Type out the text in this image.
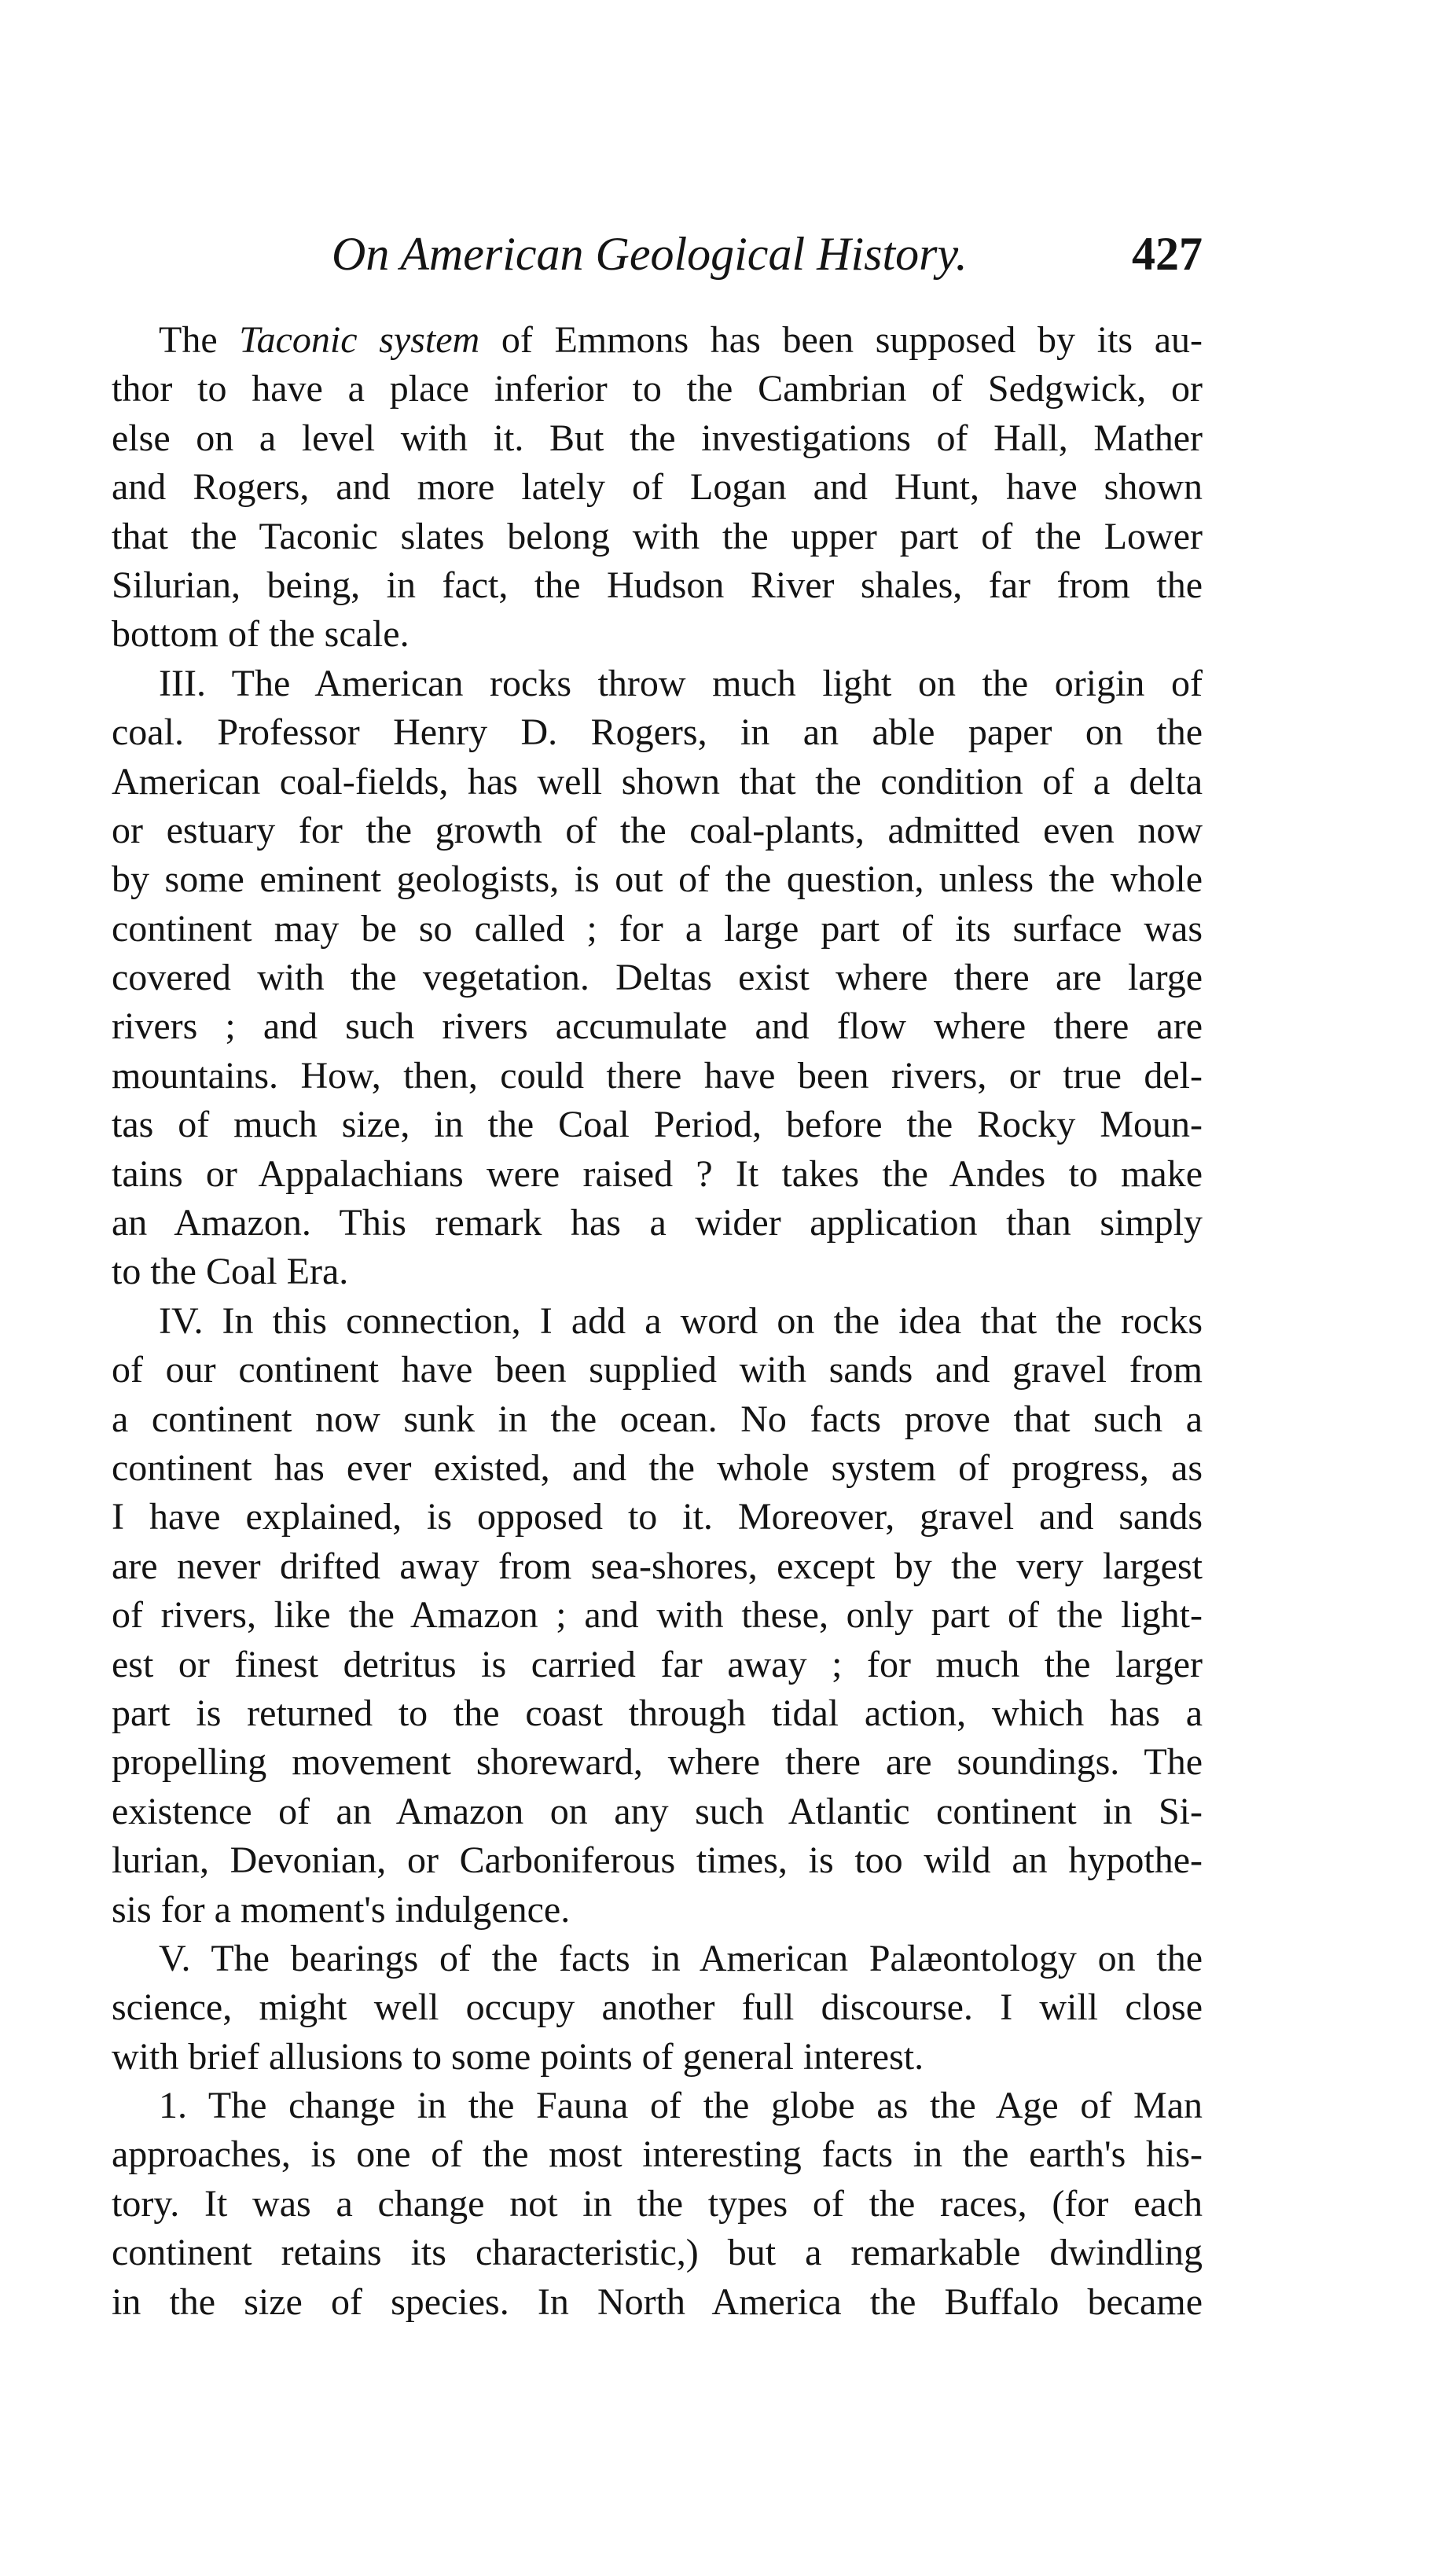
On American Geological History.	427
The Taconic system of Emmons has been supposed by its au-
thor to have a place inferior to the Cambrian of Sedgwick, or
else on a level with it. But the investigations of Hall, Mather
and Rogers, and more lately of Logan and Hunt, have shown
that the Taconic slates belong with the upper part of the Lower
Silurian, being, in fact, the Hudson River shales, far from the
bottom of the scale.
III. The American rocks throw much light on the origin of
coal. Professor Henry D. Rogers, in an able paper on the
American coal-fields, has well shown that the condition of a delta
or estuary for the growth of the coal-plants, admitted even now
by some eminent geologists, is out of the question, unless the whole
continent may be so called ; for a large part of its surface was
covered with the vegetation. Deltas exist where there are large
rivers ; and such rivers accumulate and flow where there are
mountains. How, then, could there have been rivers, or true del-
tas of much size, in the Coal Period, before the Rocky Moun-
tains or Appalachians were raised ? It takes the Andes to make
an Amazon. This remark has a wider application than simply
to the Coal Era.
IV. In this connection, I add a word on the idea that the rocks
of our continent have been supplied with sands and gravel from
a continent now sunk in the ocean. No facts prove that such a
continent has ever existed, and the whole system of progress, as
I have explained, is opposed to it. Moreover, gravel and sands
are never drifted away from sea-shores, except by the very largest
of rivers, like the Amazon ; and with these, only part of the light-
est or finest detritus is carried far away ; for much the larger
part is returned to the coast through tidal action, which has a
propelling movement shoreward, where there are soundings. The
existence of an Amazon on any such Atlantic continent in Si-
lurian, Devonian, or Carboniferous times, is too wild an hypothe-
sis for a moment's indulgence.
V. The bearings of the facts in American Palæontology on the
science, might well occupy another full discourse. I will close
with brief allusions to some points of general interest.
1. The change in the Fauna of the globe as the Age of Man
approaches, is one of the most interesting facts in the earth's his-
tory. It was a change not in the types of the races, (for each
continent retains its characteristic,) but a remarkable dwindling
in the size of species. In North America the Buffalo became
